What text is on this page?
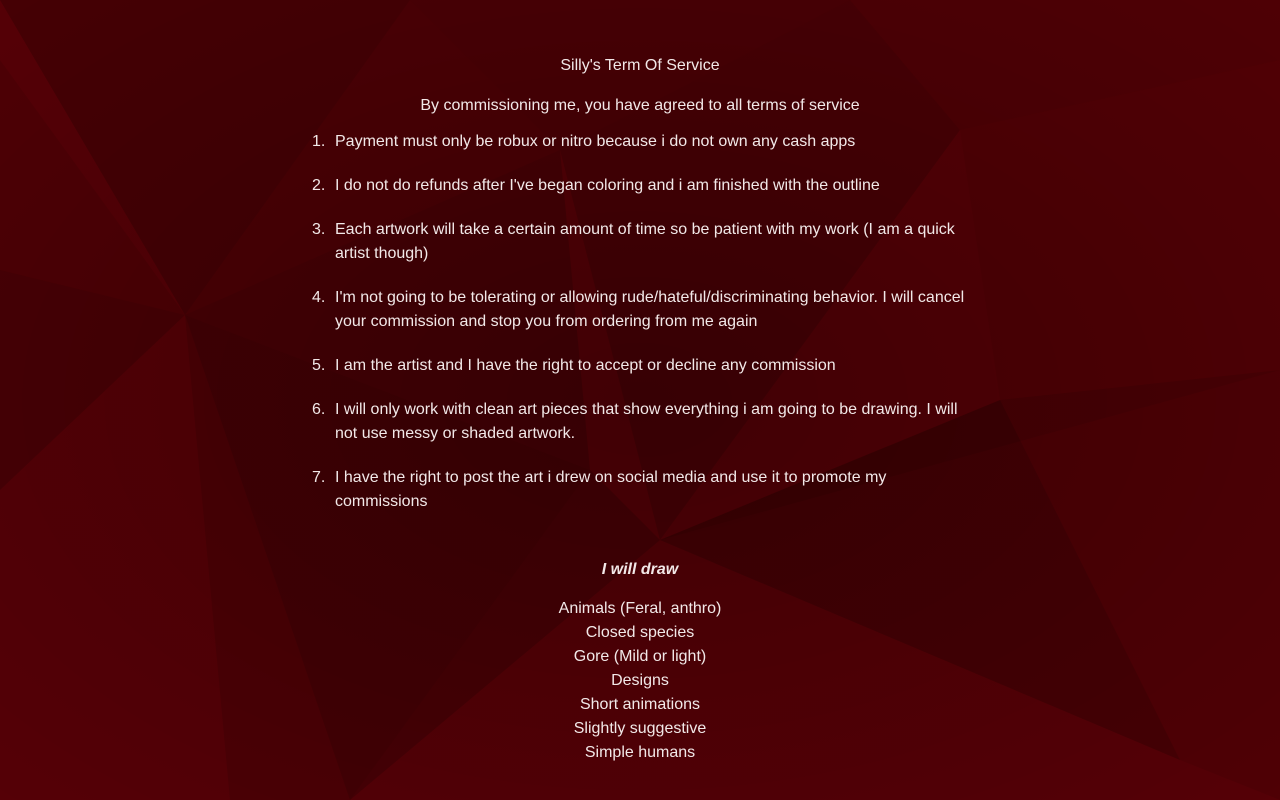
Silly's Term Of Service
By commissioning me, you have agreed to all terms of service
1. Payment must only be robux or nitro because i do not own any cash apps
2. I do not do refunds after I've began coloring and i am finished with the outline
3. Each artwork will take a certain amount of time so be patient with my work (I am a quick artist though)
4. I'm not going to be tolerating or allowing rude/hateful/discriminating behavior. I will cancel your commission and stop you from ordering from me again
5. I am the artist and I have the right to accept or decline any commission
6. I will only work with clean art pieces that show everything i am going to be drawing. I will not use messy or shaded artwork.
7. I have the right to post the art i drew on social media and use it to promote my commissions
I will draw
Animals (Feral, anthro)
Closed species
Gore (Mild or light)
Designs
Short animations
Slightly suggestive
Simple humans
